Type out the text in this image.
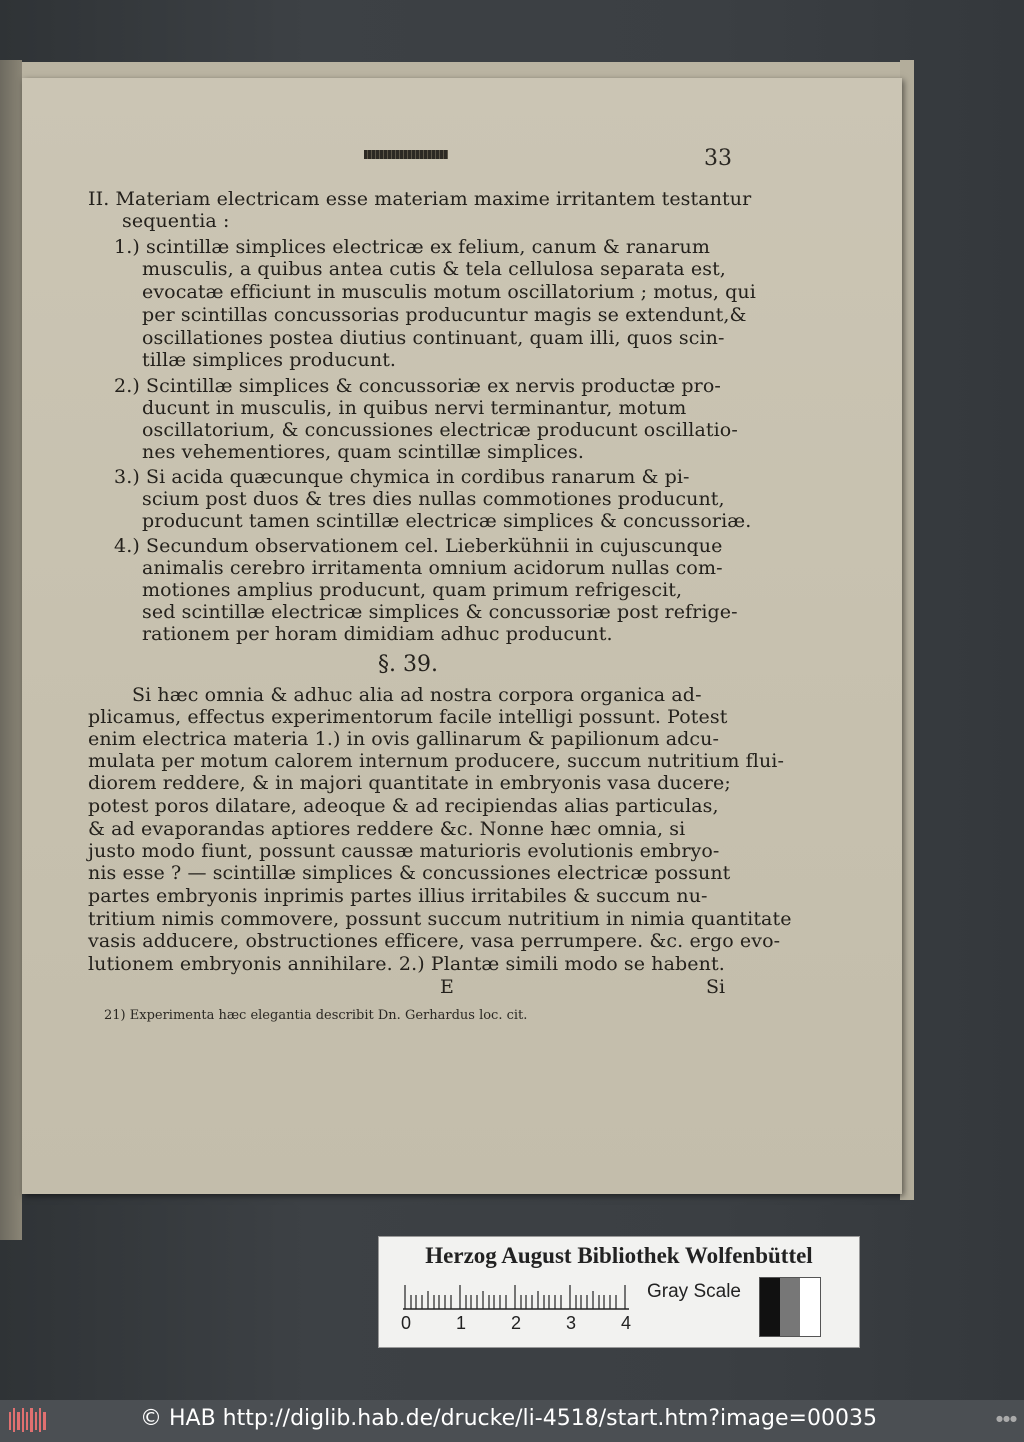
33
II. Materiam electricam esse materiam maxime irritantem testantur
sequentia :
1.) scintillæ simplices electricæ ex felium, canum & ranarum
musculis, a quibus antea cutis & tela cellulosa separata est,
evocatæ efficiunt in musculis motum oscillatorium ; motus, qui
per scintillas concussorias producuntur magis se extendunt,&
oscillationes postea diutius continuant, quam illi, quos scin-
tillæ simplices producunt.
2.) Scintillæ simplices & concussoriæ ex nervis productæ pro-
ducunt in musculis, in quibus nervi terminantur, motum
oscillatorium, & concussiones electricæ producunt oscillatio-
nes vehementiores, quam scintillæ simplices.
3.) Si acida quæcunque chymica in cordibus ranarum & pi-
scium post duos & tres dies nullas commotiones producunt,
producunt tamen scintillæ electricæ simplices & concussoriæ.
4.) Secundum observationem cel. Lieberkühnii in cujuscunque
animalis cerebro irritamenta omnium acidorum nullas com-
motiones amplius producunt, quam primum refrigescit,
sed scintillæ electricæ simplices & concussoriæ post refrige-
rationem per horam dimidiam adhuc producunt.
§. 39.
Si hæc omnia & adhuc alia ad nostra corpora organica ad-
plicamus, effectus experimentorum facile intelligi possunt. Potest
enim electrica materia 1.) in ovis gallinarum & papilionum adcu-
mulata per motum calorem internum producere, succum nutritium flui-
diorem reddere, & in majori quantitate in embryonis vasa ducere;
potest poros dilatare, adeoque & ad recipiendas alias particulas,
& ad evaporandas aptiores reddere &c. Nonne hæc omnia, si
justo modo fiunt, possunt caussæ maturioris evolutionis embryo-
nis esse ? — scintillæ simplices & concussiones electricæ possunt
partes embryonis inprimis partes illius irritabiles & succum nu-
tritium nimis commovere, possunt succum nutritium in nimia quantitate
vasis adducere, obstructiones efficere, vasa perrumpere. &c. ergo evo-
lutionem embryonis annihilare. 2.) Plantæ simili modo se habent.
E	Si
21) Experimenta hæc elegantia describit Dn. Gerhardus loc. cit.
Herzog August Bibliothek Wolfenbüttel
0 1 2 3 4
Gray Scale
© HAB http://diglib.hab.de/drucke/li-4518/start.htm?image=00035	●●●
